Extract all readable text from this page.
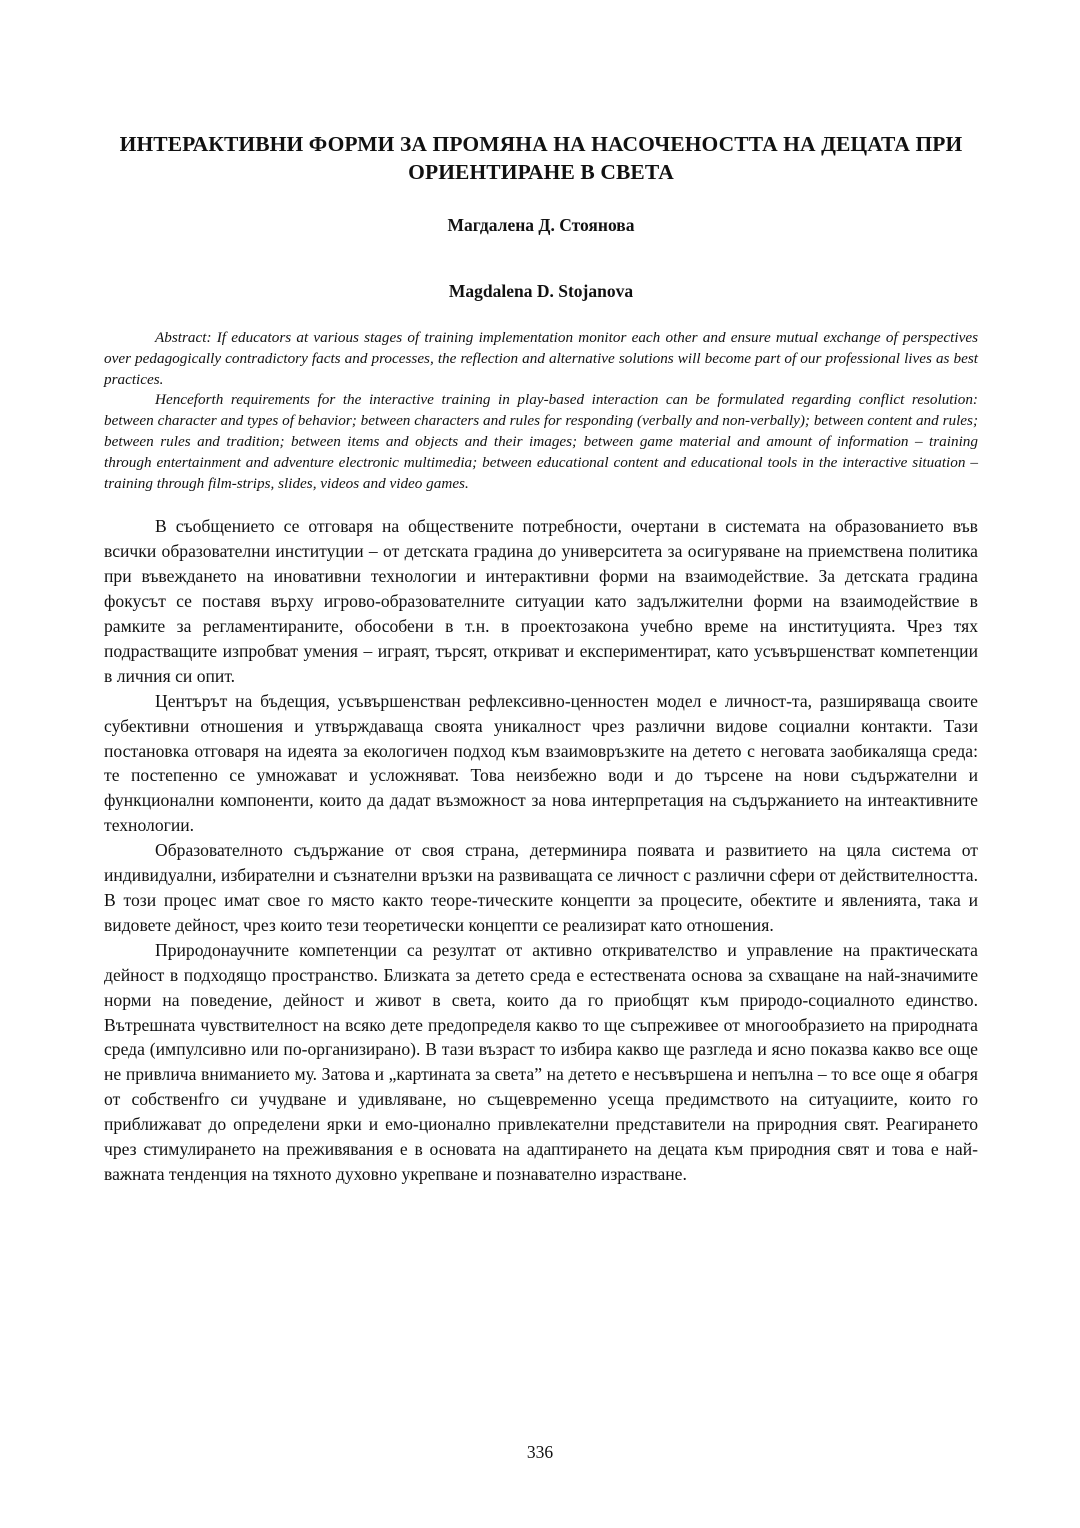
ИНТЕРАКТИВНИ ФОРМИ ЗА ПРОМЯНА НА НАСОЧЕНОСТТА НА ДЕЦАТА ПРИ ОРИЕНТИРАНЕ В СВЕТА
Магдалена Д. Стоянова
Magdalena D. Stojanova

Abstract: If educators at various stages of training implementation monitor each other and ensure mutual exchange of perspectives over pedagogically contradictory facts and processes, the reflection and alternative solutions will become part of our professional lives as best practices.

Henceforth requirements for the interactive training in play-based interaction can be formulated regarding conflict resolution: between character and types of behavior; between characters and rules for responding (verbally and non-verbally); between content and rules; between rules and tradition; between items and objects and their images; between game material and amount of information – training through entertainment and adventure electronic multimedia; between educational content and educational tools in the interactive situation – training through film-strips, slides, videos and video games.

В съобщението се отговаря на обществените потребности, очертани в системата на образованието във всички образователни институции – от детската градина до университета за осигуряване на приемствена политика при въвеждането на иновативни технологии и интерактивни форми на взаимодействие. За детската градина фокусът се поставя върху игрово-образователните ситуации като задължителни форми на взаимодействие в рамките за регламентираните, обособени в т.н. в проектозакона учебно време на институцията. Чрез тях подрастващите изпробват умения – играят, търсят, откриват и експериментират, като усъвършенстват компетенции в личния си опит.

Центърът на бъдещия, усъвършенстван рефлексивно-ценностен модел е личност-та, разширяваща своите субективни отношения и утвърждаваща своята уникалност чрез различни видове социални контакти. Тази постановка отговаря на идеята за екологичен подход към взаимовръзките на детето с неговата заобикаляща среда: те постепенно се умножават и усложняват. Това неизбежно води и до търсене на нови съдържателни и функционални компоненти, които да дадат възможност за нова интерпретация на съдържанието на интеактивните технологии.

Образователното съдържание от своя страна, детерминира появата и развитието на цяла система от индивидуални, избирателни и съзнателни връзки на развиващата се личност с различни сфери от действителността. В този процес имат свое го място както теоре-тическите концепти за процесите, обектите и явленията, така и видовете дейност, чрез които тези теоретически концепти се реализират като отношения.

Природонаучните компетенции са резултат от активно откривателство и управление на практическата дейност в подходящо пространство. Близката за детето среда е естествената основа за схващане на най-значимите норми на поведение, дейност и живот в света, които да го приобщят към природо-социалното единство. Вътрешната чувствителност на всяко дете предопределя какво то ще съпреживее от многообразието на природната среда (импулсивно или по-организирано). В тази възраст то избира какво ще разгледа и ясно показва какво все още не привлича вниманието му. Затова и „картината за света” на детето е несъвършена и непълна – то все още я обагря от собственfго си учудване и удивляване, но същевременно усеща предимството на ситуациите, които го приближават до определени ярки и емо-ционално привлекателни представители на природния свят. Реагирането чрез стимулирането на преживявания е в основата на адаптирането на децата към природния свят и това е най-важната тенденция на тяхното духовно укрепване и познавателно израстване.

336
